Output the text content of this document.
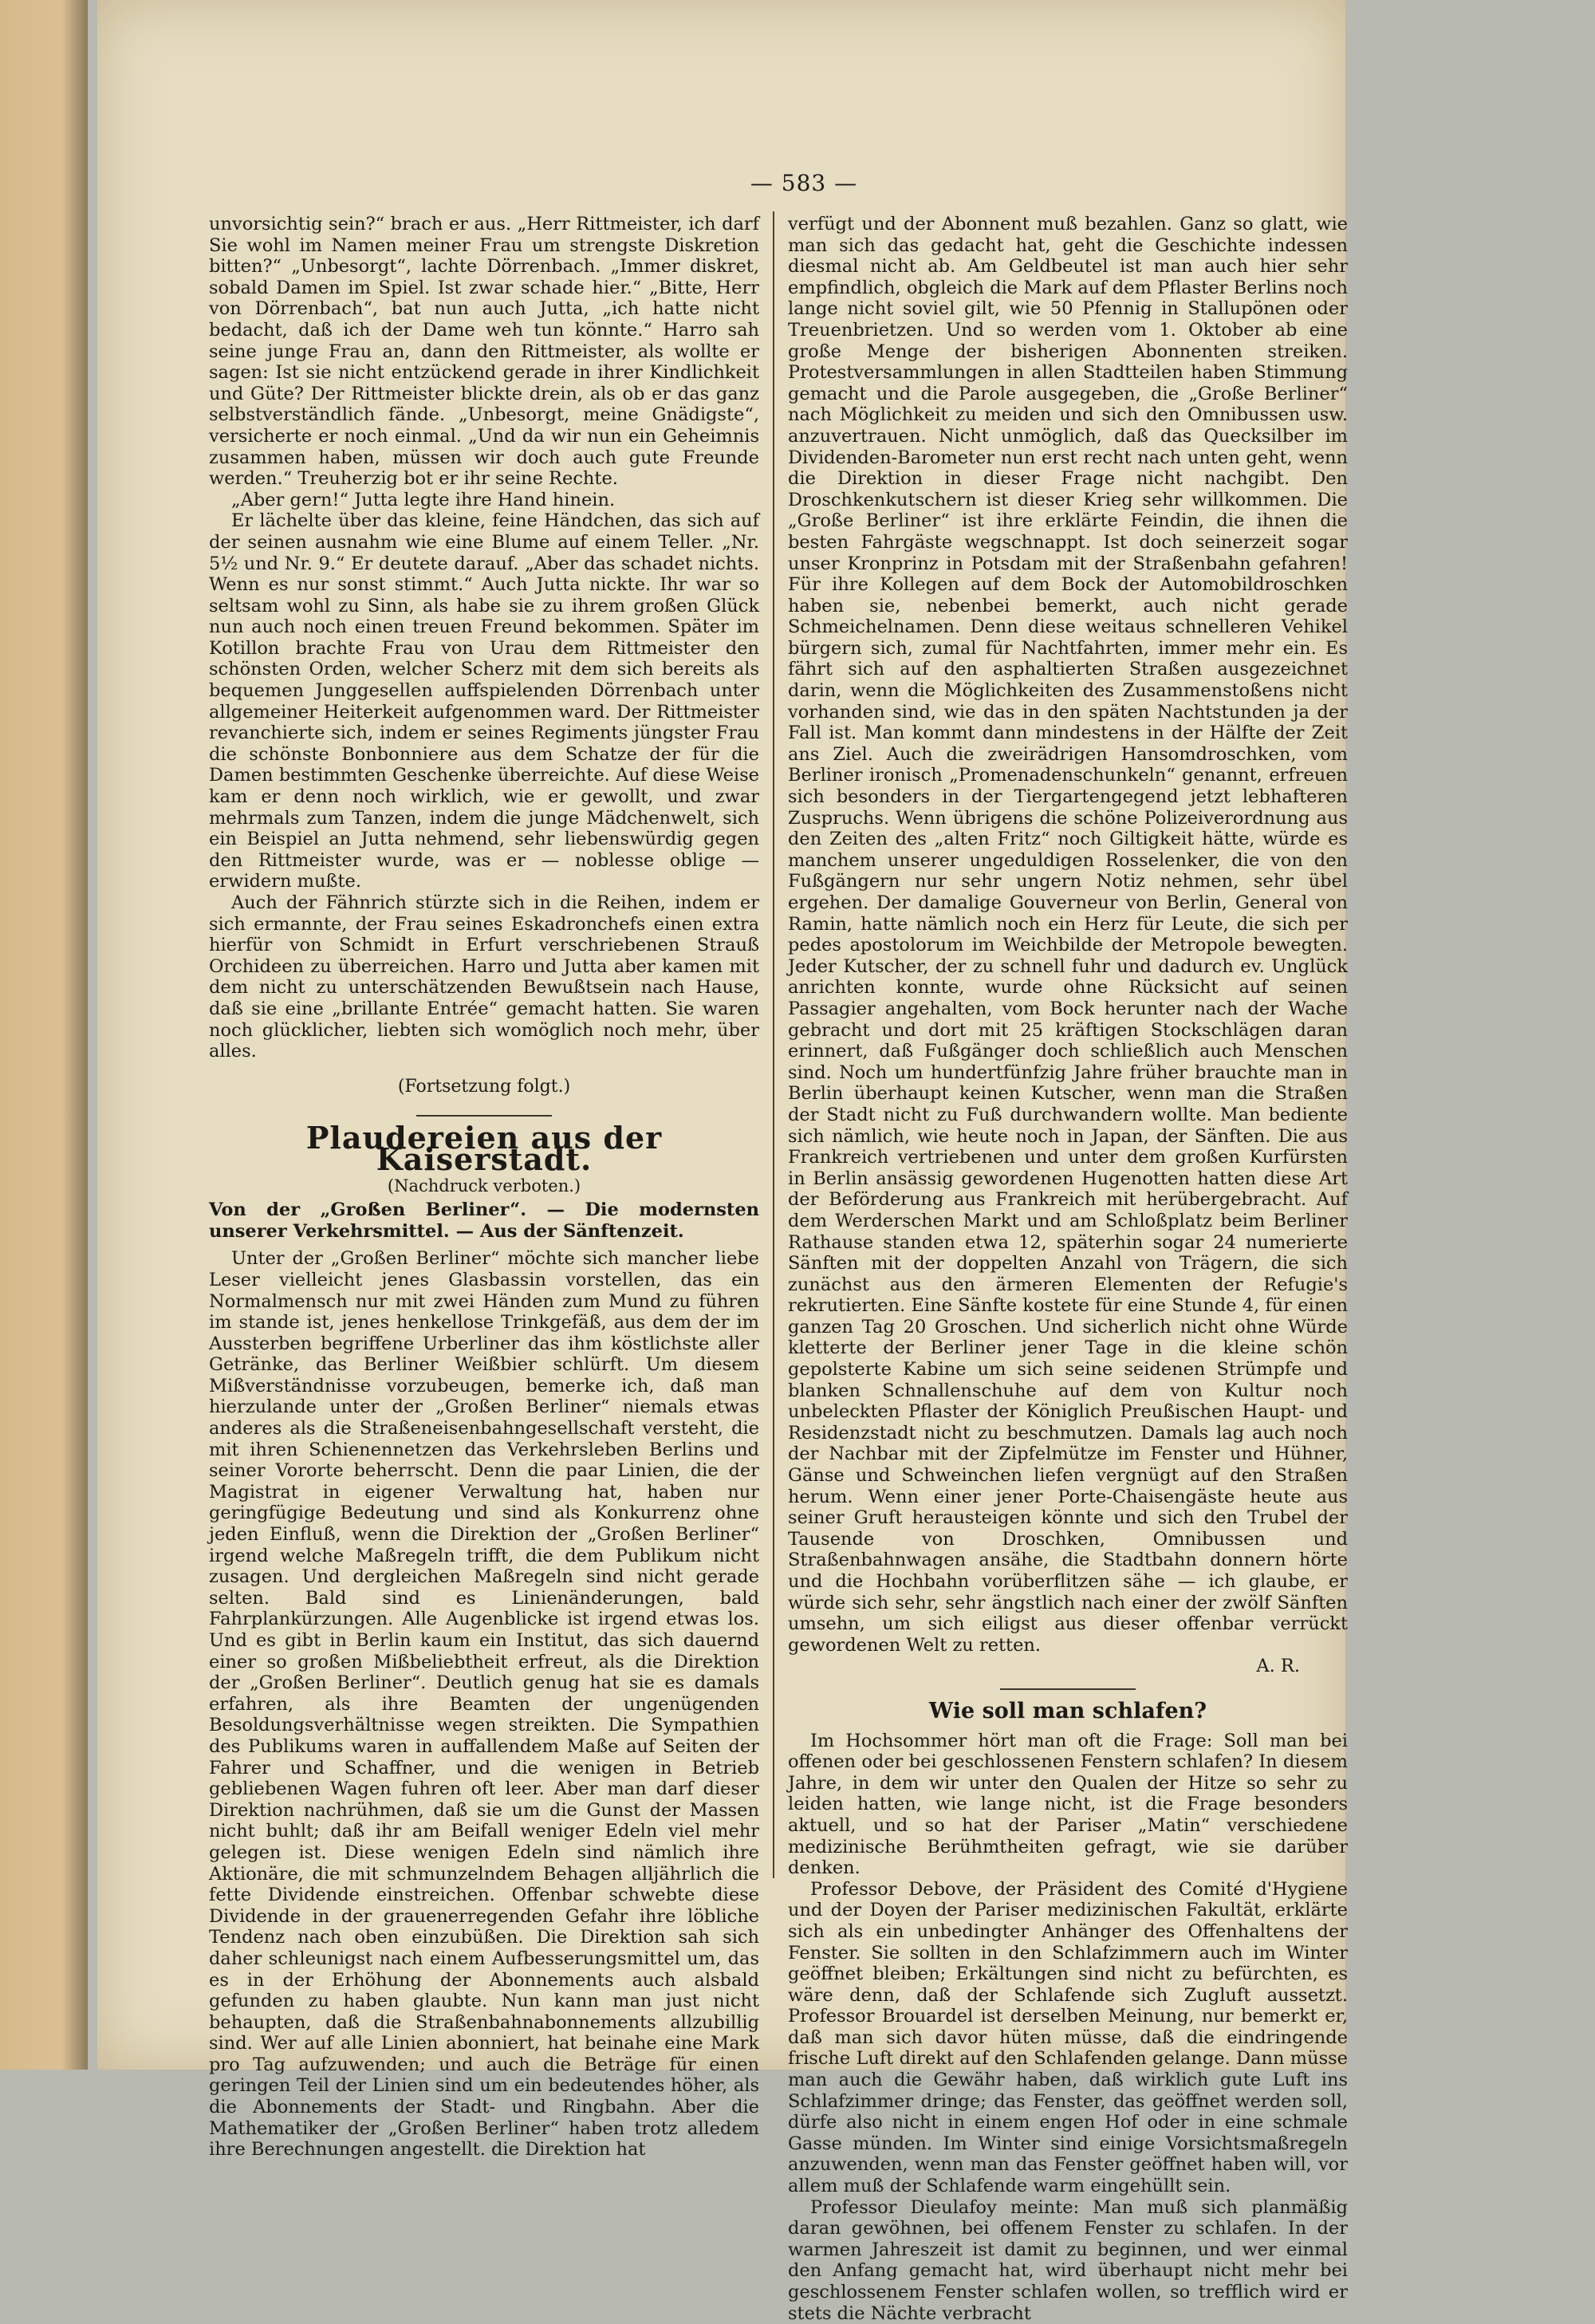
— 583 —

unvorsichtig sein?“ brach er aus. „Herr Rittmeister, ich darf Sie wohl im Namen meiner Frau um strengste Diskretion bitten?“ „Unbesorgt“, lachte Dörrenbach. „Immer diskret, sobald Damen im Spiel. Ist zwar schade hier.“ „Bitte, Herr von Dörrenbach“, bat nun auch Jutta, „ich hatte nicht bedacht, daß ich der Dame weh tun könnte.“ Harro sah seine junge Frau an, dann den Rittmeister, als wollte er sagen: Ist sie nicht entzückend gerade in ihrer Kindlichkeit und Güte? Der Rittmeister blickte drein, als ob er das ganz selbstverständlich fände. „Unbesorgt, meine Gnädigste“, versicherte er noch einmal. „Und da wir nun ein Geheimnis zusammen haben, müssen wir doch auch gute Freunde werden.“ Treuherzig bot er ihr seine Rechte.

„Aber gern!“ Jutta legte ihre Hand hinein.

Er lächelte über das kleine, feine Händchen, das sich auf der seinen ausnahm wie eine Blume auf einem Teller. „Nr. 5½ und Nr. 9.“ Er deutete darauf. „Aber das schadet nichts. Wenn es nur sonst stimmt.“ Auch Jutta nickte. Ihr war so seltsam wohl zu Sinn, als habe sie zu ihrem großen Glück nun auch noch einen treuen Freund bekommen. Später im Kotillon brachte Frau von Urau dem Rittmeister den schönsten Orden, welcher Scherz mit dem sich bereits als bequemen Junggesellen auffspielenden Dörrenbach unter allgemeiner Heiterkeit aufgenommen ward. Der Rittmeister revanchierte sich, indem er seines Regiments jüngster Frau die schönste Bonbonniere aus dem Schatze der für die Damen bestimmten Geschenke überreichte. Auf diese Weise kam er denn noch wirklich, wie er gewollt, und zwar mehrmals zum Tanzen, indem die junge Mädchenwelt, sich ein Beispiel an Jutta nehmend, sehr liebenswürdig gegen den Rittmeister wurde, was er — noblesse oblige — erwidern mußte.

Auch der Fähnrich stürzte sich in die Reihen, indem er sich ermannte, der Frau seines Eskadronchefs einen extra hierfür von Schmidt in Erfurt verschriebenen Strauß Orchideen zu überreichen. Harro und Jutta aber kamen mit dem nicht zu unterschätzenden Bewußtsein nach Hause, daß sie eine „brillante Entrée“ gemacht hatten. Sie waren noch glücklicher, liebten sich womöglich noch mehr, über alles.

(Fortsetzung folgt.)
Plaudereien aus der Kaiserstadt.
(Nachdruck verboten.)
Von der „Großen Berliner“. — Die modernsten unserer Verkehrsmittel. — Aus der Sänftenzeit.

Unter der „Großen Berliner“ möchte sich mancher liebe Leser vielleicht jenes Glasbassin vorstellen, das ein Normalmensch nur mit zwei Händen zum Mund zu führen im stande ist, jenes henkellose Trinkgefäß, aus dem der im Aussterben begriffene Urberliner das ihm köstlichste aller Getränke, das Berliner Weißbier schlürft. Um diesem Mißverständnisse vorzubeugen, bemerke ich, daß man hierzulande unter der „Großen Berliner“ niemals etwas anderes als die Straßeneisenbahngesellschaft versteht, die mit ihren Schienennetzen das Verkehrsleben Berlins und seiner Vororte beherrscht. Denn die paar Linien, die der Magistrat in eigener Verwaltung hat, haben nur geringfügige Bedeutung und sind als Konkurrenz ohne jeden Einfluß, wenn die Direktion der „Großen Berliner“ irgend welche Maßregeln trifft, die dem Publikum nicht zusagen. Und dergleichen Maßregeln sind nicht gerade selten. Bald sind es Linienänderungen, bald Fahrplankürzungen. Alle Augenblicke ist irgend etwas los. Und es gibt in Berlin kaum ein Institut, das sich dauernd einer so großen Mißbeliebtheit erfreut, als die Direktion der „Großen Berliner“. Deutlich genug hat sie es damals erfahren, als ihre Beamten der ungenügenden Besoldungsverhältnisse wegen streikten. Die Sympathien des Publikums waren in auffallendem Maße auf Seiten der Fahrer und Schaffner, und die wenigen in Betrieb gebliebenen Wagen fuhren oft leer. Aber man darf dieser Direktion nachrühmen, daß sie um die Gunst der Massen nicht buhlt; daß ihr am Beifall weniger Edeln viel mehr gelegen ist. Diese wenigen Edeln sind nämlich ihre Aktionäre, die mit schmunzelndem Behagen alljährlich die fette Dividende einstreichen. Offenbar schwebte diese Dividende in der grauenerregenden Gefahr ihre löbliche Tendenz nach oben einzubüßen. Die Direktion sah sich daher schleunigst nach einem Aufbesserungsmittel um, das es in der Erhöhung der Abonnements auch alsbald gefunden zu haben glaubte. Nun kann man just nicht behaupten, daß die Straßenbahnabonnements allzubillig sind. Wer auf alle Linien abonniert, hat beinahe eine Mark pro Tag aufzuwenden; und auch die Beträge für einen geringen Teil der Linien sind um ein bedeutendes höher, als die Abonnements der Stadt- und Ringbahn. Aber die Mathematiker der „Großen Berliner“ haben trotz alledem ihre Berechnungen angestellt. die Direktion hat

verfügt und der Abonnent muß bezahlen. Ganz so glatt, wie man sich das gedacht hat, geht die Geschichte indessen diesmal nicht ab. Am Geldbeutel ist man auch hier sehr empfindlich, obgleich die Mark auf dem Pflaster Berlins noch lange nicht soviel gilt, wie 50 Pfennig in Stallupönen oder Treuenbrietzen. Und so werden vom 1. Oktober ab eine große Menge der bisherigen Abonnenten streiken. Protestversammlungen in allen Stadtteilen haben Stimmung gemacht und die Parole ausgegeben, die „Große Berliner“ nach Möglichkeit zu meiden und sich den Omnibussen usw. anzuvertrauen. Nicht unmöglich, daß das Quecksilber im Dividenden-Barometer nun erst recht nach unten geht, wenn die Direktion in dieser Frage nicht nachgibt. Den Droschkenkutschern ist dieser Krieg sehr willkommen. Die „Große Berliner“ ist ihre erklärte Feindin, die ihnen die besten Fahrgäste wegschnappt. Ist doch seinerzeit sogar unser Kronprinz in Potsdam mit der Straßenbahn gefahren! Für ihre Kollegen auf dem Bock der Automobildroschken haben sie, nebenbei bemerkt, auch nicht gerade Schmeichelnamen. Denn diese weitaus schnelleren Vehikel bürgern sich, zumal für Nachtfahrten, immer mehr ein. Es fährt sich auf den asphaltierten Straßen ausgezeichnet darin, wenn die Möglichkeiten des Zusammenstoßens nicht vorhanden sind, wie das in den späten Nachtstunden ja der Fall ist. Man kommt dann mindestens in der Hälfte der Zeit ans Ziel. Auch die zweirädrigen Hansomdroschken, vom Berliner ironisch „Promenadenschunkeln“ genannt, erfreuen sich besonders in der Tiergartengegend jetzt lebhafteren Zuspruchs. Wenn übrigens die schöne Polizeiverordnung aus den Zeiten des „alten Fritz“ noch Giltigkeit hätte, würde es manchem unserer ungeduldigen Rosselenker, die von den Fußgängern nur sehr ungern Notiz nehmen, sehr übel ergehen. Der damalige Gouverneur von Berlin, General von Ramin, hatte nämlich noch ein Herz für Leute, die sich per pedes apostolorum im Weichbilde der Metropole bewegten. Jeder Kutscher, der zu schnell fuhr und dadurch ev. Unglück anrichten konnte, wurde ohne Rücksicht auf seinen Passagier angehalten, vom Bock herunter nach der Wache gebracht und dort mit 25 kräftigen Stockschlägen daran erinnert, daß Fußgänger doch schließlich auch Menschen sind. Noch um hundertfünfzig Jahre früher brauchte man in Berlin überhaupt keinen Kutscher, wenn man die Straßen der Stadt nicht zu Fuß durchwandern wollte. Man bediente sich nämlich, wie heute noch in Japan, der Sänften. Die aus Frankreich vertriebenen und unter dem großen Kurfürsten in Berlin ansässig gewordenen Hugenotten hatten diese Art der Beförderung aus Frankreich mit herübergebracht. Auf dem Werderschen Markt und am Schloßplatz beim Berliner Rathause standen etwa 12, späterhin sogar 24 numerierte Sänften mit der doppelten Anzahl von Trägern, die sich zunächst aus den ärmeren Elementen der Refugie's rekrutierten. Eine Sänfte kostete für eine Stunde 4, für einen ganzen Tag 20 Groschen. Und sicherlich nicht ohne Würde kletterte der Berliner jener Tage in die kleine schön gepolsterte Kabine um sich seine seidenen Strümpfe und blanken Schnallenschuhe auf dem von Kultur noch unbeleckten Pflaster der Königlich Preußischen Haupt- und Residenzstadt nicht zu beschmutzen. Damals lag auch noch der Nachbar mit der Zipfelmütze im Fenster und Hühner, Gänse und Schweinchen liefen vergnügt auf den Straßen herum. Wenn einer jener Porte-Chaisengäste heute aus seiner Gruft herausteigen könnte und sich den Trubel der Tausende von Droschken, Omnibussen und Straßenbahnwagen ansähe, die Stadtbahn donnern hörte und die Hochbahn vorüberflitzen sähe — ich glaube, er würde sich sehr, sehr ängstlich nach einer der zwölf Sänften umsehn, um sich eiligst aus dieser offenbar verrückt gewordenen Welt zu retten.

A. R.
Wie soll man schlafen?

Im Hochsommer hört man oft die Frage: Soll man bei offenen oder bei geschlossenen Fenstern schlafen? In diesem Jahre, in dem wir unter den Qualen der Hitze so sehr zu leiden hatten, wie lange nicht, ist die Frage besonders aktuell, und so hat der Pariser „Matin“ verschiedene medizinische Berühmtheiten gefragt, wie sie darüber denken.

Professor Debove, der Präsident des Comité d'Hygiene und der Doyen der Pariser medizinischen Fakultät, erklärte sich als ein unbedingter Anhänger des Offenhaltens der Fenster. Sie sollten in den Schlafzimmern auch im Winter geöffnet bleiben; Erkältungen sind nicht zu befürchten, es wäre denn, daß der Schlafende sich Zugluft aussetzt. Professor Brouardel ist derselben Meinung, nur bemerkt er, daß man sich davor hüten müsse, daß die eindringende frische Luft direkt auf den Schlafenden gelange. Dann müsse man auch die Gewähr haben, daß wirklich gute Luft ins Schlafzimmer dringe; das Fenster, das geöffnet werden soll, dürfe also nicht in einem engen Hof oder in eine schmale Gasse münden. Im Winter sind einige Vorsichtsmaßregeln anzuwenden, wenn man das Fenster geöffnet haben will, vor allem muß der Schlafende warm eingehüllt sein.

Professor Dieulafoy meinte: Man muß sich planmäßig daran gewöhnen, bei offenem Fenster zu schlafen. In der warmen Jahreszeit ist damit zu beginnen, und wer einmal den Anfang gemacht hat, wird überhaupt nicht mehr bei geschlossenem Fenster schlafen wollen, so trefflich wird er stets die Nächte verbracht
